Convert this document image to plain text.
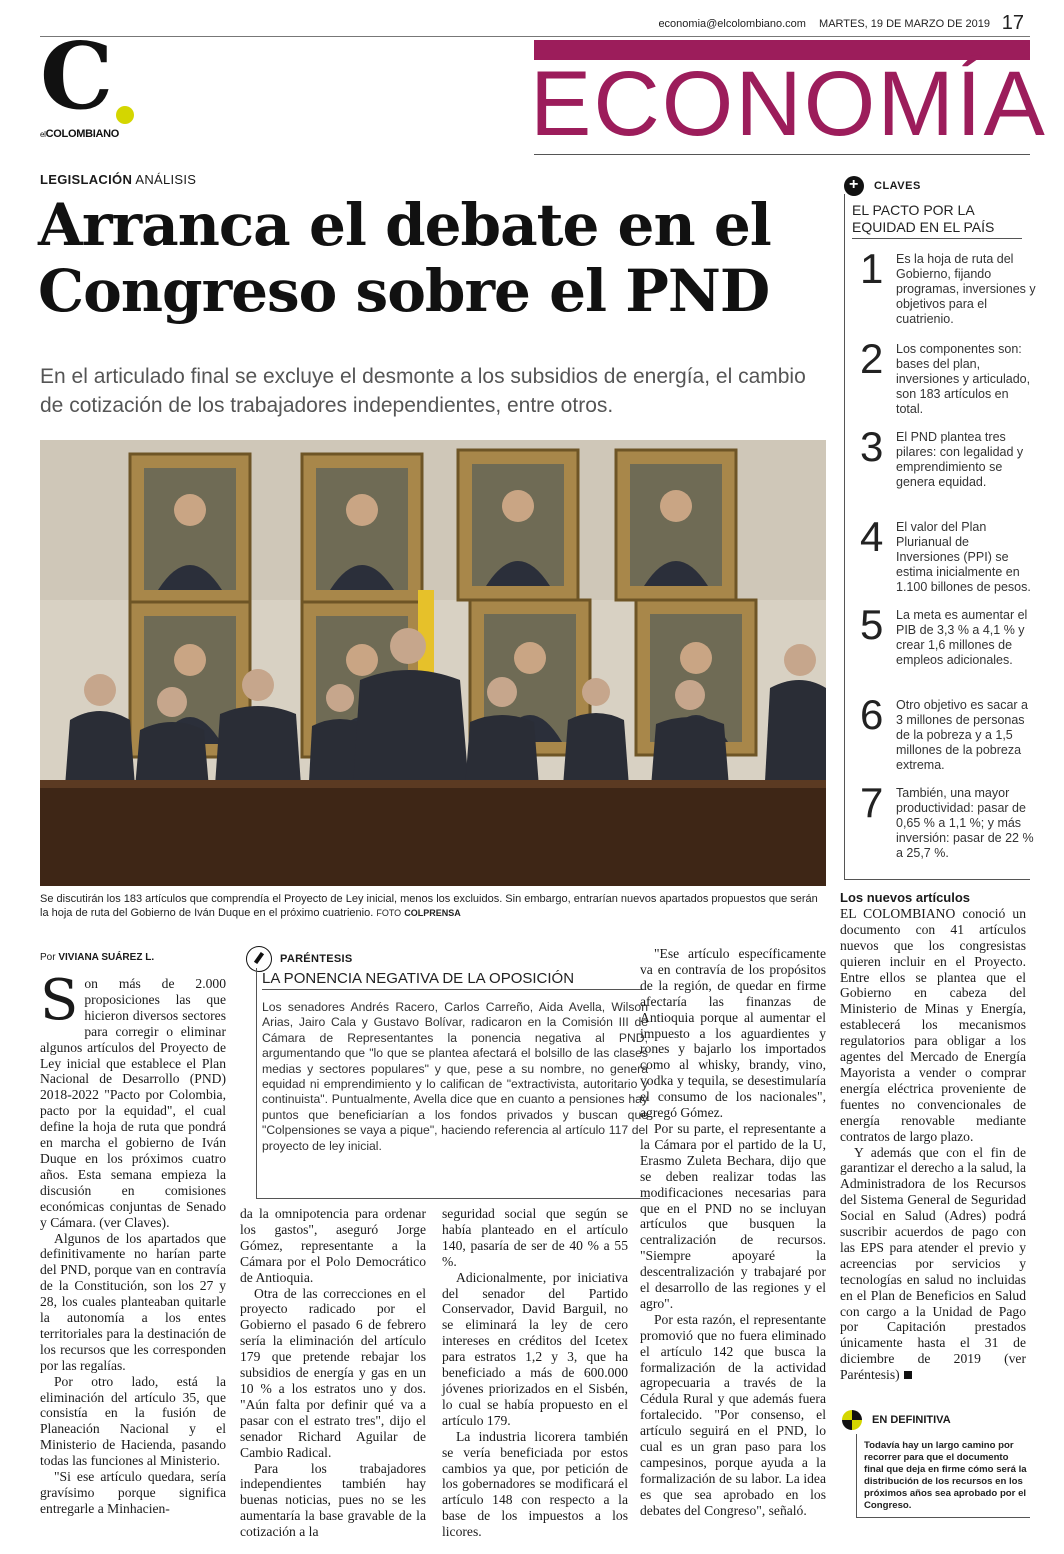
economia@elcolombiano.com MARTES, 19 DE MARZO DE 2019 17
C
elCOLOMBIANO	ECONOMÍA
LEGISLACIÓN ANÁLISIS
Arranca el debate en el Congreso sobre el PND

En el articulado final se excluye el desmonte a los subsidios de energía, el cambio de cotización de los trabajadores independientes, entre otros.

Se discutirán los 183 artículos que comprendía el Proyecto de Ley inicial, menos los excluidos. Sin embargo, entrarían nuevos apartados propuestos que serán la hoja de ruta del Gobierno de Iván Duque en el próximo cuatrienio. FOTO COLPRENSA
+
CLAVES
EL PACTO POR LA EQUIDAD EN EL PAÍS
1 Es la hoja de ruta del Gobierno, fijando programas, inversiones y objetivos para el cuatrienio.
2 Los componentes son: bases del plan, inversiones y articulado, son 183 artículos en total.
3 El PND plantea tres pilares: con legalidad y emprendimiento se genera equidad.
4 El valor del Plan Plurianual de Inversiones (PPI) se estima inicialmente en 1.100 billones de pesos.
5 La meta es aumentar el PIB de 3,3 % a 4,1 % y crear 1,6 millones de empleos adicionales.
6 Otro objetivo es sacar a 3 millones de personas de la pobreza y a 1,5 millones de la pobreza extrema.
7 También, una mayor productividad: pasar de 0,65 % a 1,1 %; y más inversión: pasar de 22 % a 25,7 %.
Por VIVIANA SUÁREZ L.

Son más de 2.000 proposiciones las que hicieron diversos sectores para corregir o eliminar algunos artículos del Proyecto de Ley inicial que establece el Plan Nacional de Desarrollo (PND) 2018-2022 "Pacto por Colombia, pacto por la equidad", el cual define la hoja de ruta que pondrá en marcha el gobierno de Iván Duque en los próximos cuatro años. Esta semana empieza la discusión en comisiones económicas conjuntas de Senado y Cámara. (ver Claves).

Algunos de los apartados que definitivamente no harían parte del PND, porque van en contravía de la Constitución, son los 27 y 28, los cuales planteaban quitarle la autonomía a los entes territoriales para la destinación de los recursos que les corresponden por las regalías.

Por otro lado, está la eliminación del artículo 35, que consistía en la fusión de Planeación Nacional y el Ministerio de Hacienda, pasando todas las funciones al Ministerio.

"Si ese artículo quedara, sería gravísimo porque significa entregarle a Minhacien-

PARÉNTESIS
LA PONENCIA NEGATIVA DE LA OPOSICIÓN

Los senadores Andrés Racero, Carlos Carreño, Aida Avella, Wilson Arias, Jairo Cala y Gustavo Bolívar, radicaron en la Comisión III de Cámara de Representantes la ponencia negativa al PND, argumentando que "lo que se plantea afectará el bolsillo de las clases medias y sectores populares" y que, pese a su nombre, no genera equidad ni emprendimiento y lo califican de "extractivista, autoritario y continuista". Puntualmente, Avella dice que en cuanto a pensiones hay puntos que beneficiarían a los fondos privados y buscan que "Colpensiones se vaya a pique", haciendo referencia al artículo 117 del proyecto de ley inicial.

da la omnipotencia para ordenar los gastos", aseguró Jorge Gómez, representante a la Cámara por el Polo Democrático de Antioquia.

Otra de las correcciones en el proyecto radicado por el Gobierno el pasado 6 de febrero sería la eliminación del artículo 179 que pretende rebajar los subsidios de energía y gas en un 10 % a los estratos uno y dos. "Aún falta por definir qué va a pasar con el estrato tres", dijo el senador Richard Aguilar de Cambio Radical.

Para los trabajadores independientes también hay buenas noticias, pues no se les aumentaría la base gravable de la cotización a la

seguridad social que según se había planteado en el artículo 140, pasaría de ser de 40 % a 55 %.

Adicionalmente, por iniciativa del senador del Partido Conservador, David Barguil, no se eliminará la ley de cero intereses en créditos del Icetex para estratos 1,2 y 3, que ha beneficiado a más de 600.000 jóvenes priorizados en el Sisbén, lo cual se había propuesto en el artículo 179.

La industria licorera también se vería beneficiada por estos cambios ya que, por petición de los gobernadores se modificará el artículo 148 con respecto a la base de los impuestos a los licores.

"Ese artículo específicamente va en contravía de los propósitos de la región, de quedar en firme afectaría las finanzas de Antioquia porque al aumentar el impuesto a los aguardientes y rones y bajarlo los importados como al whisky, brandy, vino, vodka y tequila, se desestimularía el consumo de los nacionales", agregó Gómez.

Por su parte, el representante a la Cámara por el partido de la U, Erasmo Zuleta Bechara, dijo que se deben realizar todas las modificaciones necesarias para que en el PND no se incluyan artículos que busquen la centralización de recursos. "Siempre apoyaré la descentralización y trabajaré por el desarrollo de las regiones y el agro".

Por esta razón, el representante promovió que no fuera eliminado el artículo 142 que busca la formalización de la actividad agropecuaria a través de la Cédula Rural y que además fuera fortalecido. "Por consenso, el artículo seguirá en el PND, lo cual es un gran paso para los campesinos, porque ayuda a la formalización de su labor. La idea es que sea aprobado en los debates del Congreso", señaló.

Los nuevos artículos

EL COLOMBIANO conoció un documento con 41 artículos nuevos que los congresistas quieren incluir en el Proyecto. Entre ellos se plantea que el Gobierno en cabeza del Ministerio de Minas y Energía, establecerá los mecanismos regulatorios para obligar a los agentes del Mercado de Energía Mayorista a vender o comprar energía eléctrica proveniente de fuentes no convencionales de energía renovable mediante contratos de largo plazo.

Y además que con el fin de garantizar el derecho a la salud, la Administradora de los Recursos del Sistema General de Seguridad Social en Salud (Adres) podrá suscribir acuerdos de pago con las EPS para atender el previo y acreencias por servicios y tecnologías en salud no incluidas en el Plan de Beneficios en Salud con cargo a la Unidad de Pago por Capitación prestados únicamente hasta el 31 de diciembre de 2019 (ver Paréntesis)

EN DEFINITIVA

Todavía hay un largo camino por recorrer para que el documento final que deja en firme cómo será la distribución de los recursos en los próximos años sea aprobado por el Congreso.
